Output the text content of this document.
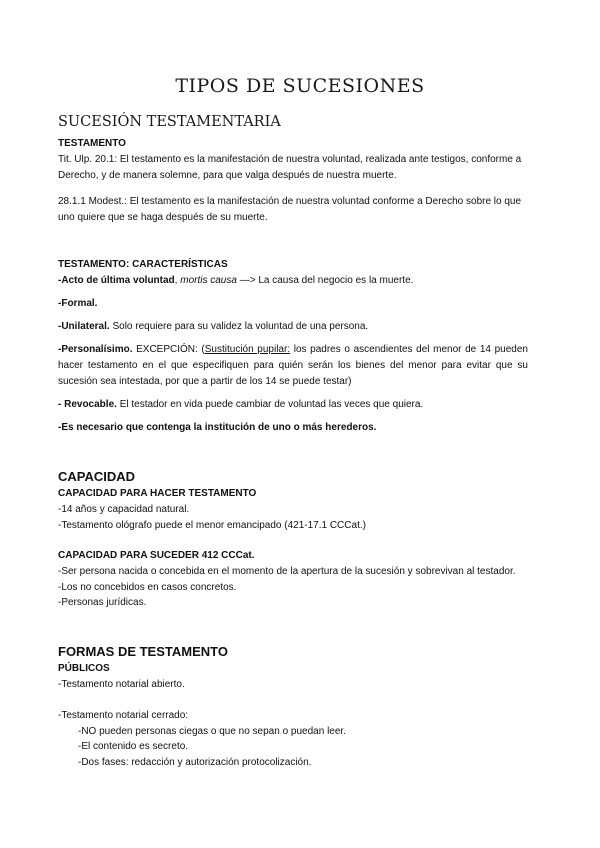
TIPOS DE SUCESIONES
SUCESIÓN TESTAMENTARIA
TESTAMENTO

Tit. Ulp. 20.1: El testamento es la manifestación de nuestra voluntad, realizada ante testigos, conforme a

Derecho, y de manera solemne, para que valga después de nuestra muerte.

28.1.1 Modest.: El testamento es la manifestación de nuestra voluntad conforme a Derecho sobre lo que

uno quiere que se haga después de su muerte.

TESTAMENTO: CARACTERÍSTICAS
-Acto de última voluntad, mortis causa —> La causa del negocio es la muerte.
-Formal.
-Unilateral. Solo requiere para su validez la voluntad de una persona.
-Personalísimo. EXCEPCIÓN: (Sustitución pupilar: los padres o ascendientes del menor de 14 pueden hacer testamento en el que especifiquen para quién serán los bienes del menor para evitar que su sucesión sea intestada, por que a partir de los 14 se puede testar)
- Revocable. El testador en vida puede cambiar de voluntad las veces que quiera.
-Es necesario que contenga la institución de uno o más herederos.
CAPACIDAD
CAPACIDAD PARA HACER TESTAMENTO

-14 años y capacidad natural.

-Testamento ológrafo puede el menor emancipado (421-17.1 CCCat.)

CAPACIDAD PARA SUCEDER 412 CCCat.

-Ser persona nacida o concebida en el momento de la apertura de la sucesión y sobrevivan al testador.

-Los no concebidos en casos concretos.

-Personas jurídicas.

FORMAS DE TESTAMENTO
PÚBLICOS
-Testamento notarial abierto.

-Testamento notarial cerrado:

-NO pueden personas ciegas o que no sepan o puedan leer.

-El contenido es secreto.

-Dos fases: redacción y autorización protocolización.
